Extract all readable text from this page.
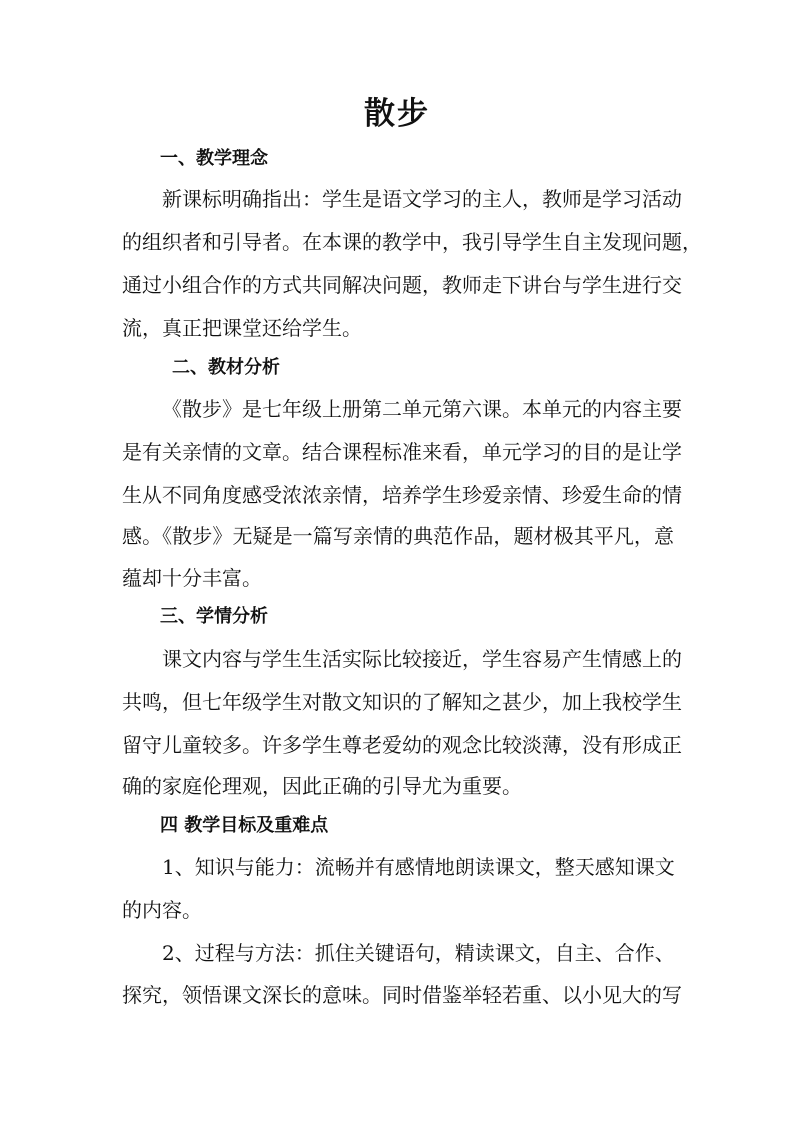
散步
一、教学理念
新课标明确指出：学生是语文学习的主人，教师是学习活动
的组织者和引导者。在本课的教学中，我引导学生自主发现问题，
通过小组合作的方式共同解决问题，教师走下讲台与学生进行交
流，真正把课堂还给学生。
二、教材分析
《散步》是七年级上册第二单元第六课。本单元的内容主要
是有关亲情的文章。结合课程标准来看，单元学习的目的是让学
生从不同角度感受浓浓亲情，培养学生珍爱亲情、珍爱生命的情
感。《散步》无疑是一篇写亲情的典范作品，题材极其平凡，意
蕴却十分丰富。
三、学情分析
课文内容与学生生活实际比较接近，学生容易产生情感上的
共鸣，但七年级学生对散文知识的了解知之甚少，加上我校学生
留守儿童较多。许多学生尊老爱幼的观念比较淡薄，没有形成正
确的家庭伦理观，因此正确的引导尤为重要。
四 教学目标及重难点
1、知识与能力：流畅并有感情地朗读课文，整天感知课文
的内容。
2、过程与方法：抓住关键语句，精读课文，自主、合作、
探究，领悟课文深长的意味。同时借鉴举轻若重、以小见大的写
